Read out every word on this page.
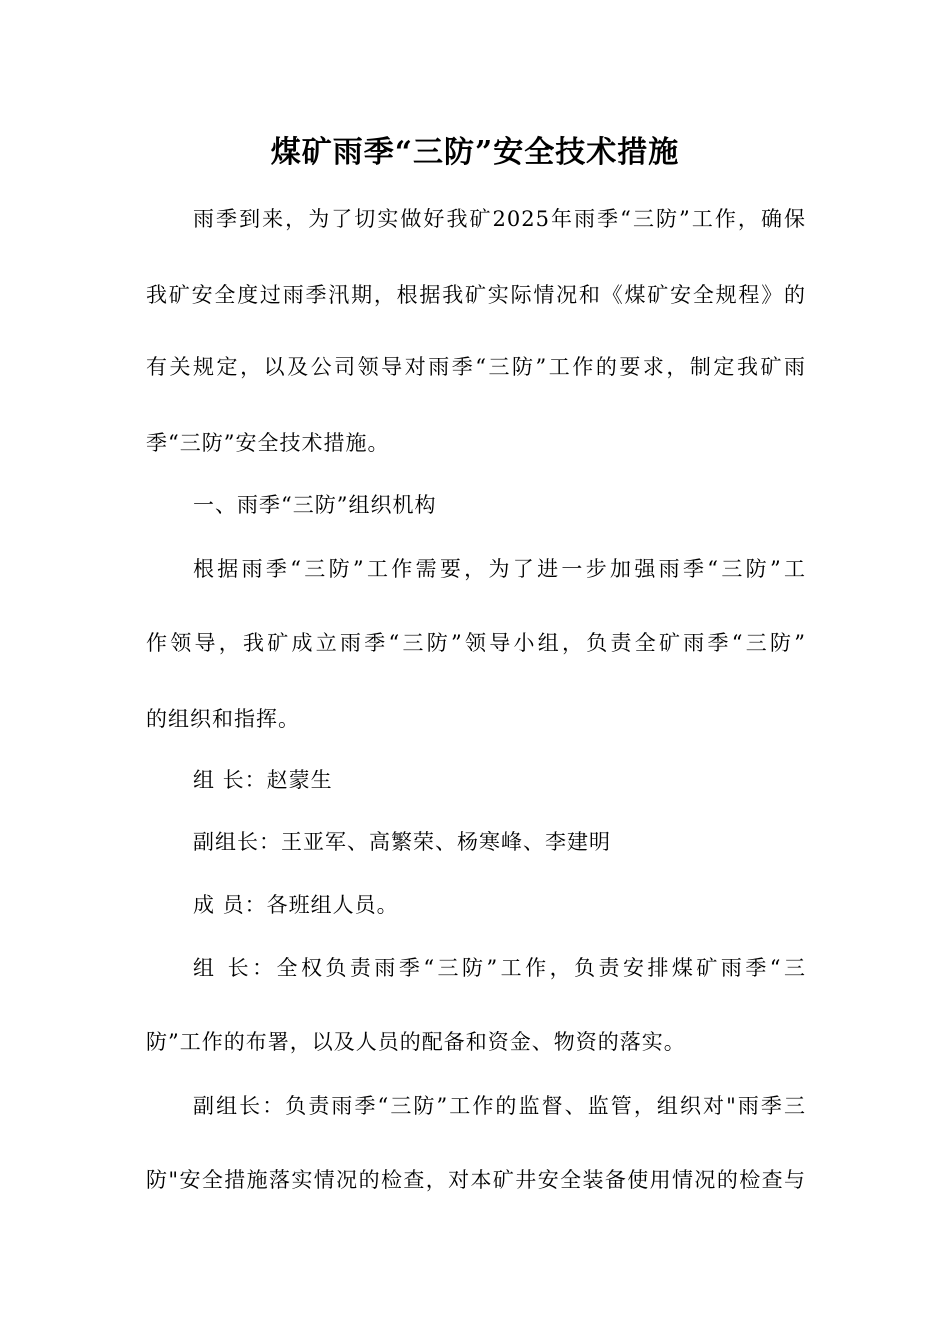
煤矿雨季“三防”安全技术措施
雨季到来，为了切实做好我矿2025年雨季“三防”工作，确保
我矿安全度过雨季汛期，根据我矿实际情况和《煤矿安全规程》的
有关规定，以及公司领导对雨季“三防”工作的要求，制定我矿雨
季“三防”安全技术措施。
一、雨季“三防”组织机构
根据雨季“三防”工作需要，为了进一步加强雨季“三防”工
作领导，我矿成立雨季“三防”领导小组，负责全矿雨季“三防”
的组织和指挥。
组 长：赵蒙生
副组长：王亚军、高繁荣、杨寒峰、李建明
成 员：各班组人员。
组 长：全权负责雨季“三防”工作，负责安排煤矿雨季“三
防”工作的布署，以及人员的配备和资金、物资的落实。
副组长：负责雨季“三防”工作的监督、监管，组织对"雨季三
防"安全措施落实情况的检查，对本矿井安全装备使用情况的检查与
